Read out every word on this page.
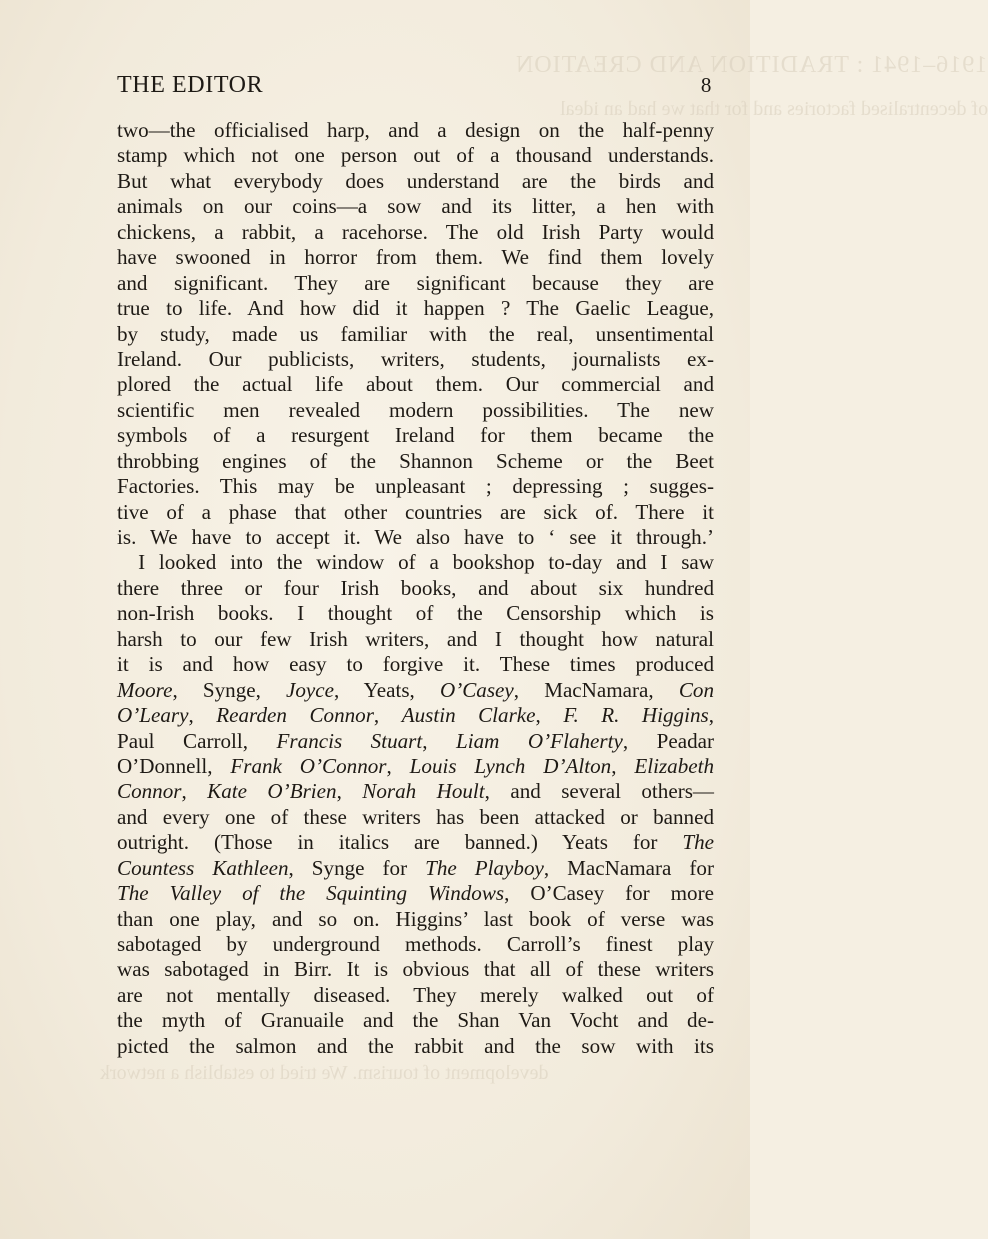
1916–1941 : TRADITION AND CREATION
of decentralised factories and for that we had an ideal
development of tourism. We tried to establish a network
THE EDITOR	8
two—the officialised harp, and a design on the half-penny
stamp which not one person out of a thousand understands.
But what everybody does understand are the birds and
animals on our coins—a sow and its litter, a hen with
chickens, a rabbit, a racehorse. The old Irish Party would
have swooned in horror from them. We find them lovely
and significant. They are significant because they are
true to life. And how did it happen ? The Gaelic League,
by study, made us familiar with the real, unsentimental
Ireland. Our publicists, writers, students, journalists ex-
plored the actual life about them. Our commercial and
scientific men revealed modern possibilities. The new
symbols of a resurgent Ireland for them became the
throbbing engines of the Shannon Scheme or the Beet
Factories. This may be unpleasant ; depressing ; sugges-
tive of a phase that other countries are sick of. There it
is. We have to accept it. We also have to ‘ see it through.’
 I looked into the window of a bookshop to-day and I saw
there three or four Irish books, and about six hundred
non-Irish books. I thought of the Censorship which is
harsh to our few Irish writers, and I thought how natural
it is and how easy to forgive it. These times produced
Moore, Synge, Joyce, Yeats, O’Casey, MacNamara, Con
O’Leary, Rearden Connor, Austin Clarke, F. R. Higgins,
Paul Carroll, Francis Stuart, Liam O’Flaherty, Peadar
O’Donnell, Frank O’Connor, Louis Lynch D’Alton, Elizabeth
Connor, Kate O’Brien, Norah Hoult, and several others—
and every one of these writers has been attacked or banned
outright. (Those in italics are banned.) Yeats for The
Countess Kathleen, Synge for The Playboy, MacNamara for
The Valley of the Squinting Windows, O’Casey for more
than one play, and so on. Higgins’ last book of verse was
sabotaged by underground methods. Carroll’s finest play
was sabotaged in Birr. It is obvious that all of these writers
are not mentally diseased. They merely walked out of
the myth of Granuaile and the Shan Van Vocht and de-
picted the salmon and the rabbit and the sow with its
